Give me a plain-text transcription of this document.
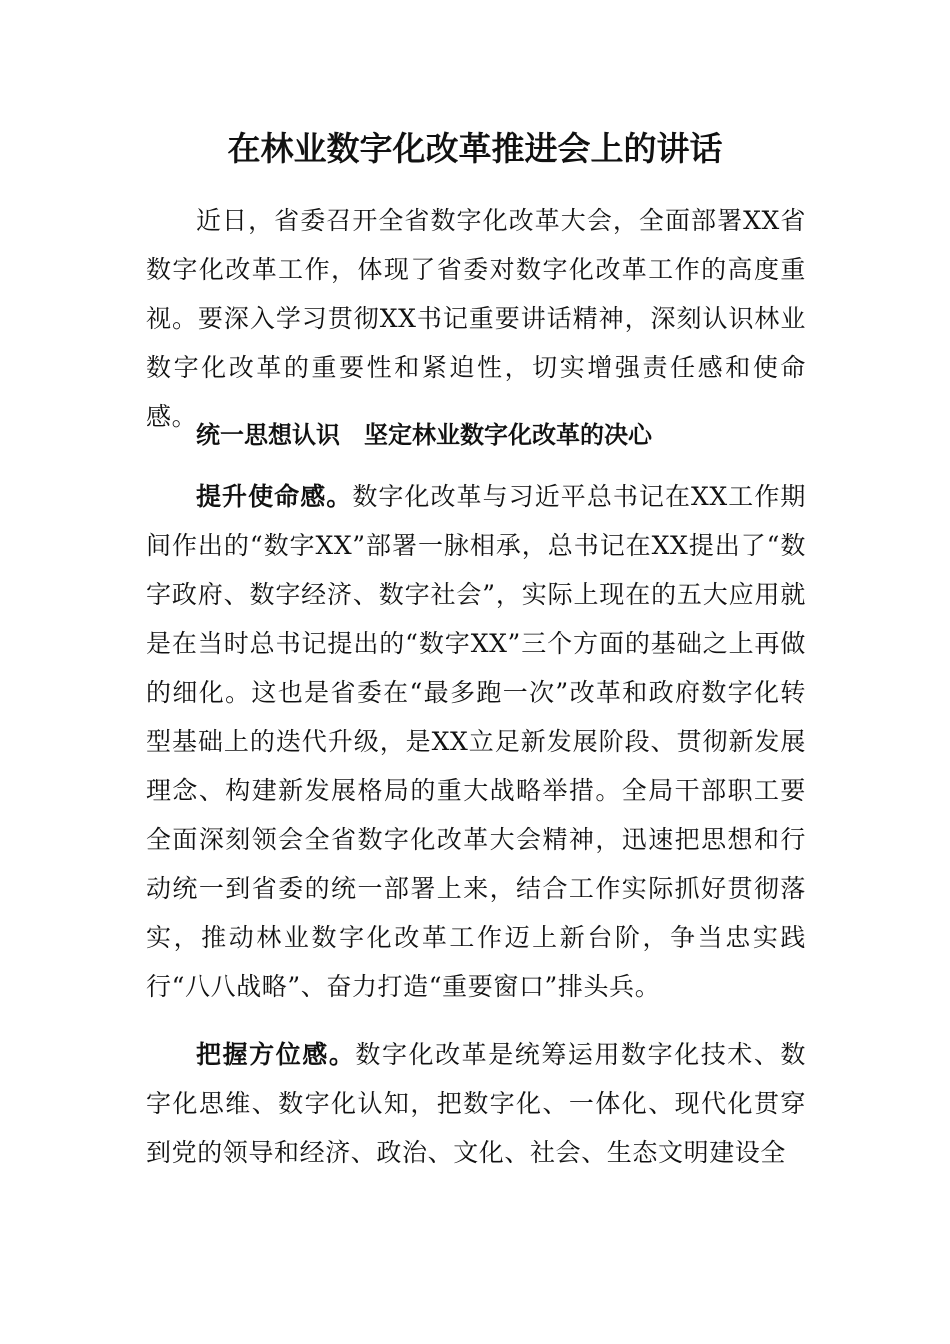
在林业数字化改革推进会上的讲话

近日，省委召开全省数字化改革大会，全面部署XX省数字化改革工作，体现了省委对数字化改革工作的高度重视。要深入学习贯彻XX书记重要讲话精神，深刻认识林业数字化改革的重要性和紧迫性，切实增强责任感和使命感。

统一思想认识　坚定林业数字化改革的决心

提升使命感。数字化改革与习近平总书记在XX工作期间作出的“数字XX”部署一脉相承，总书记在XX提出了“数字政府、数字经济、数字社会”，实际上现在的五大应用就是在当时总书记提出的“数字XX”三个方面的基础之上再做的细化。这也是省委在“最多跑一次”改革和政府数字化转型基础上的迭代升级，是XX立足新发展阶段、贯彻新发展理念、构建新发展格局的重大战略举措。全局干部职工要全面深刻领会全省数字化改革大会精神，迅速把思想和行动统一到省委的统一部署上来，结合工作实际抓好贯彻落实，推动林业数字化改革工作迈上新台阶，争当忠实践行“八八战略”、奋力打造“重要窗口”排头兵。

把握方位感。数字化改革是统筹运用数字化技术、数字化思维、数字化认知，把数字化、一体化、现代化贯穿到党的领导和经济、政治、文化、社会、生态文明建设全
